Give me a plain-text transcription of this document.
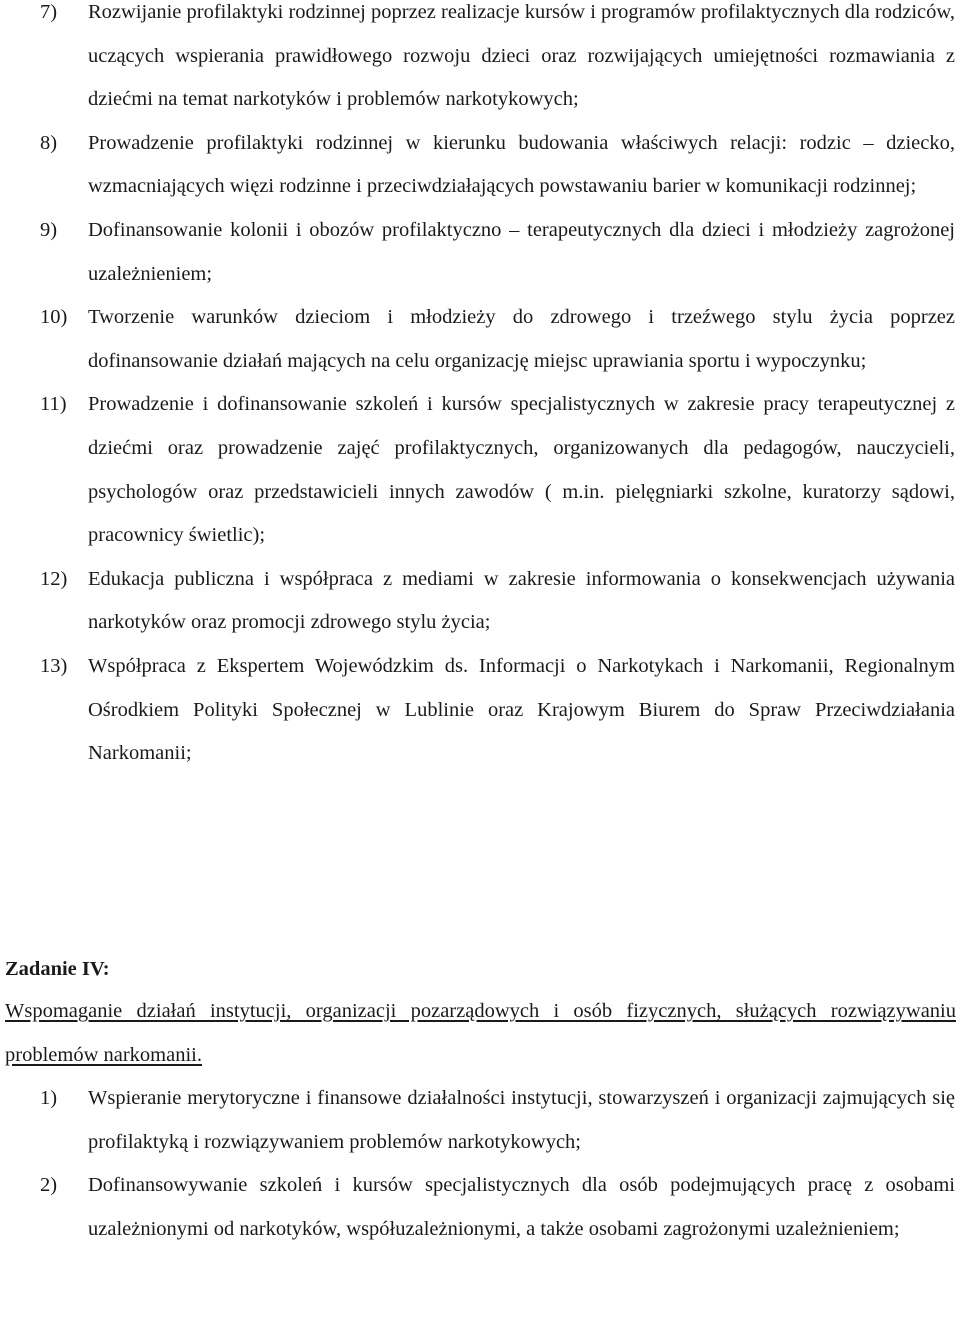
7) Rozwijanie profilaktyki rodzinnej poprzez realizacje kursów i programów profilaktycznych dla rodziców, uczących wspierania prawidłowego rozwoju dzieci oraz rozwijających umiejętności rozmawiania z dziećmi na temat narkotyków i problemów narkotykowych;
8) Prowadzenie profilaktyki rodzinnej w kierunku budowania właściwych relacji: rodzic – dziecko, wzmacniających więzi rodzinne i przeciwdziałających powstawaniu barier w komunikacji rodzinnej;
9) Dofinansowanie kolonii i obozów profilaktyczno – terapeutycznych dla dzieci i młodzieży zagrożonej uzależnieniem;
10) Tworzenie warunków dzieciom i młodzieży do zdrowego i trzeźwego stylu życia poprzez dofinansowanie działań mających na celu organizację miejsc uprawiania sportu i wypoczynku;
11) Prowadzenie i dofinansowanie szkoleń i kursów specjalistycznych w zakresie pracy terapeutycznej z dziećmi oraz prowadzenie zajęć profilaktycznych, organizowanych dla pedagogów, nauczycieli, psychologów oraz przedstawicieli innych zawodów ( m.in. pielęgniarki szkolne, kuratorzy sądowi, pracownicy świetlic);
12) Edukacja publiczna i współpraca z mediami w zakresie informowania o konsekwencjach używania narkotyków oraz promocji zdrowego stylu życia;
13) Współpraca z Ekspertem Wojewódzkim ds. Informacji o Narkotykach i Narkomanii, Regionalnym Ośrodkiem Polityki Społecznej w Lublinie oraz Krajowym Biurem do Spraw Przeciwdziałania Narkomanii;
Zadanie IV:
Wspomaganie działań instytucji, organizacji pozarządowych i osób fizycznych, służących rozwiązywaniu problemów narkomanii.
1) Wspieranie merytoryczne i finansowe działalności instytucji, stowarzyszeń i organizacji zajmujących się profilaktyką i rozwiązywaniem problemów narkotykowych;
2) Dofinansowywanie szkoleń i kursów specjalistycznych dla osób podejmujących pracę z osobami uzależnionymi od narkotyków, współuzależnionymi, a także osobami zagrożonymi uzależnieniem;
